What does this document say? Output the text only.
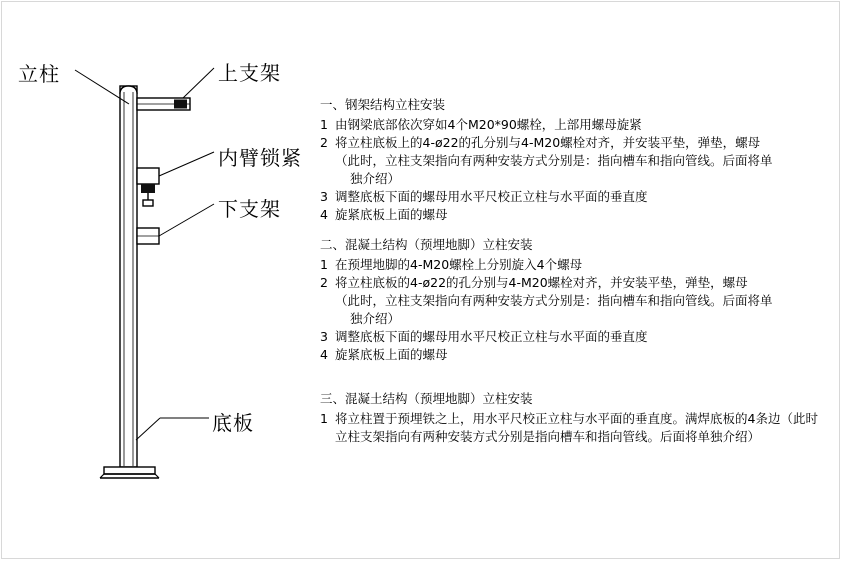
立柱	上支架
内臂锁紧
下支架
底板

一、钢架结构立柱安装

1 由钢梁底部依次穿如4个M20*90螺栓，上部用螺母旋紧
2 将立柱底板上的4-ø22的孔分别与4-M20螺栓对齐，并安装平垫，弹垫，螺母
（此时，立柱支架指向有两种安装方式分别是：指向槽车和指向管线。后面将单
独介绍）
3 调整底板下面的螺母用水平尺校正立柱与水平面的垂直度
4 旋紧底板上面的螺母

二、混凝土结构（预埋地脚）立柱安装

1 在预埋地脚的4-M20螺栓上分别旋入4个螺母
2 将立柱底板的4-ø22的孔分别与4-M20螺栓对齐，并安装平垫，弹垫，螺母
（此时，立柱支架指向有两种安装方式分别是：指向槽车和指向管线。后面将单
独介绍）
3 调整底板下面的螺母用水平尺校正立柱与水平面的垂直度
4 旋紧底板上面的螺母

三、混凝土结构（预埋地脚）立柱安装

1 将立柱置于预埋铁之上，用水平尺校正立柱与水平面的垂直度。满焊底板的4条边（此时
立柱支架指向有两种安装方式分别是指向槽车和指向管线。后面将单独介绍）
